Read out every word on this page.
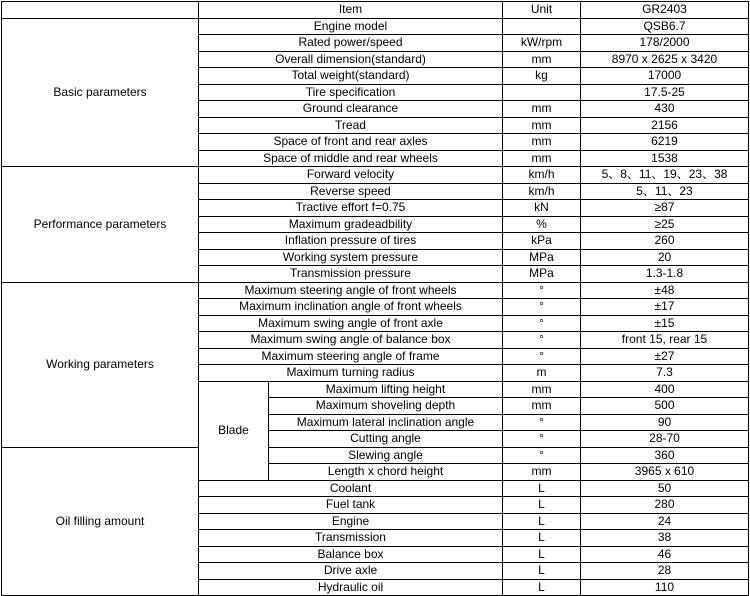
	Item		Unit	GR2403
Basic parameters	Engine model			QSB6.7
	Rated power/speed		kW/rpm	178/2000
	Overall dimension(standard)		mm	8970 x 2625 x 3420
	Total weight(standard)		kg	17000
	Tire specification			17.5-25
	Ground clearance		mm	430
	Tread		mm	2156
	Space of front and rear axles		mm	6219
	Space of middle and rear wheels		mm	1538
Performance parameters	Forward velocity		km/h	5、8、11、19、23、38
	Reverse speed		km/h	5、11、23
	Tractive effort f=0.75		kN	≥87
	Maximum gradeadbility		%	≥25
	Inflation pressure of tires		kPa	260
	Working system pressure		MPa	20
	Transmission pressure		MPa	1.3-1.8
Working parameters	Maximum steering angle of front wheels		°	±48
	Maximum inclination angle of front wheels		°	±17
	Maximum swing angle of front axle		°	±15
	Maximum swing angle of balance box		°	front 15, rear 15
	Maximum steering angle of frame		°	±27
	Maximum turning radius		m	7.3
	Blade	Maximum lifting height	mm	400
		Maximum shoveling depth	mm	500
		Maximum lateral inclination angle	°	90
		Cutting angle	°	28-70
Oil filling amount		Slewing angle	°	360
		Length x chord height	mm	3965 x 610
	Coolant		L	50
	Fuel tank		L	280
	Engine		L	24
	Transmission		L	38
	Balance box		L	46
	Drive axle		L	28
	Hydraulic oil		L	110
